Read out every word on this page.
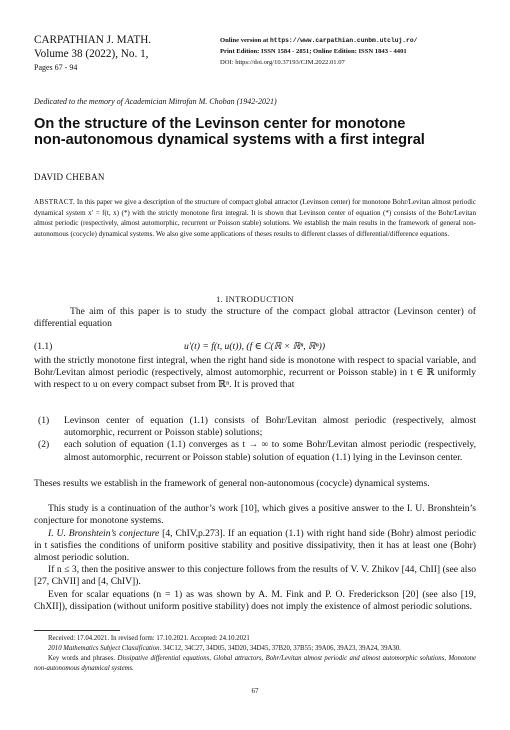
CARPATHIAN J. MATH.
Volume 38 (2022), No. 1,
Pages 67 - 94
Online version at https://www.carpathian.cunbm.utcluj.ro/
Print Edition: ISSN 1584 - 2851; Online Edition: ISSN 1843 - 4401
DOI: https://doi.org/10.37193/CJM.2022.01.07
Dedicated to the memory of Academician Mitrofan M. Choban (1942-2021)
On the structure of the Levinson center for monotone
non-autonomous dynamical systems with a first integral
DAVID CHEBAN
ABSTRACT. In this paper we give a description of the structure of compact global attractor (Levinson center) for monotone Bohr/Levitan almost periodic dynamical system x′ = f(t, x) (*) with the strictly monotone first integral. It is shown that Levinson center of equation (*) consists of the Bohr/Levitan almost periodic (respectively, almost automorphic, recurrent or Poisson stable) solutions. We establish the main results in the framework of general non-autonomous (cocycle) dynamical systems. We also give some applications of theses results to different classes of differential/difference equations.
1. INTRODUCTION
The aim of this paper is to study the structure of the compact global attractor (Levinson center) of differential equation
(1.1)	u′(t) = f(t, u(t)), (f ∈ C(ℝ × ℝⁿ, ℝⁿ))
with the strictly monotone first integral, when the right hand side is monotone with respect to spacial variable, and Bohr/Levitan almost periodic (respectively, almost automorphic, recurrent or Poisson stable) in t ∈ ℝ uniformly with respect to u on every compact subset from ℝⁿ. It is proved that
(1) Levinson center of equation (1.1) consists of Bohr/Levitan almost periodic (respectively, almost automorphic, recurrent or Poisson stable) solutions;
(2) each solution of equation (1.1) converges as t → ∞ to some Bohr/Levitan almost periodic (respectively, almost automorphic, recurrent or Poisson stable) solution of equation (1.1) lying in the Levinson center.
Theses results we establish in the framework of general non-autonomous (cocycle) dynamical systems.
This study is a continuation of the author’s work [10], which gives a positive answer to the I. U. Bronshtein’s conjecture for monotone systems.
I. U. Bronshtein’s conjecture [4, ChIV,p.273]. If an equation (1.1) with right hand side (Bohr) almost periodic in t satisfies the conditions of uniform positive stability and positive dissipativity, then it has at least one (Bohr) almost periodic solution.
If n ≤ 3, then the positive answer to this conjecture follows from the results of V. V. Zhikov [44, ChII] (see also [27, ChVII] and [4, ChIV]).
Even for scalar equations (n = 1) as was shown by A. M. Fink and P. O. Frederickson [20] (see also [19, ChXII]), dissipation (without uniform positive stability) does not imply the existence of almost periodic solutions.
Received: 17.04.2021. In revised form: 17.10.2021. Accepted: 24.10.2021
2010 Mathematics Subject Classification. 34C12, 34C27, 34D05, 34D20, 34D45, 37B20, 37B55; 39A06, 39A23, 39A24, 39A30.
Key words and phrases. Dissipative differential equations, Global attractors, Bohr/Levitan almost periodic and almost automorphic solutions, Monotone non-autonomous dynamical systems.
67
